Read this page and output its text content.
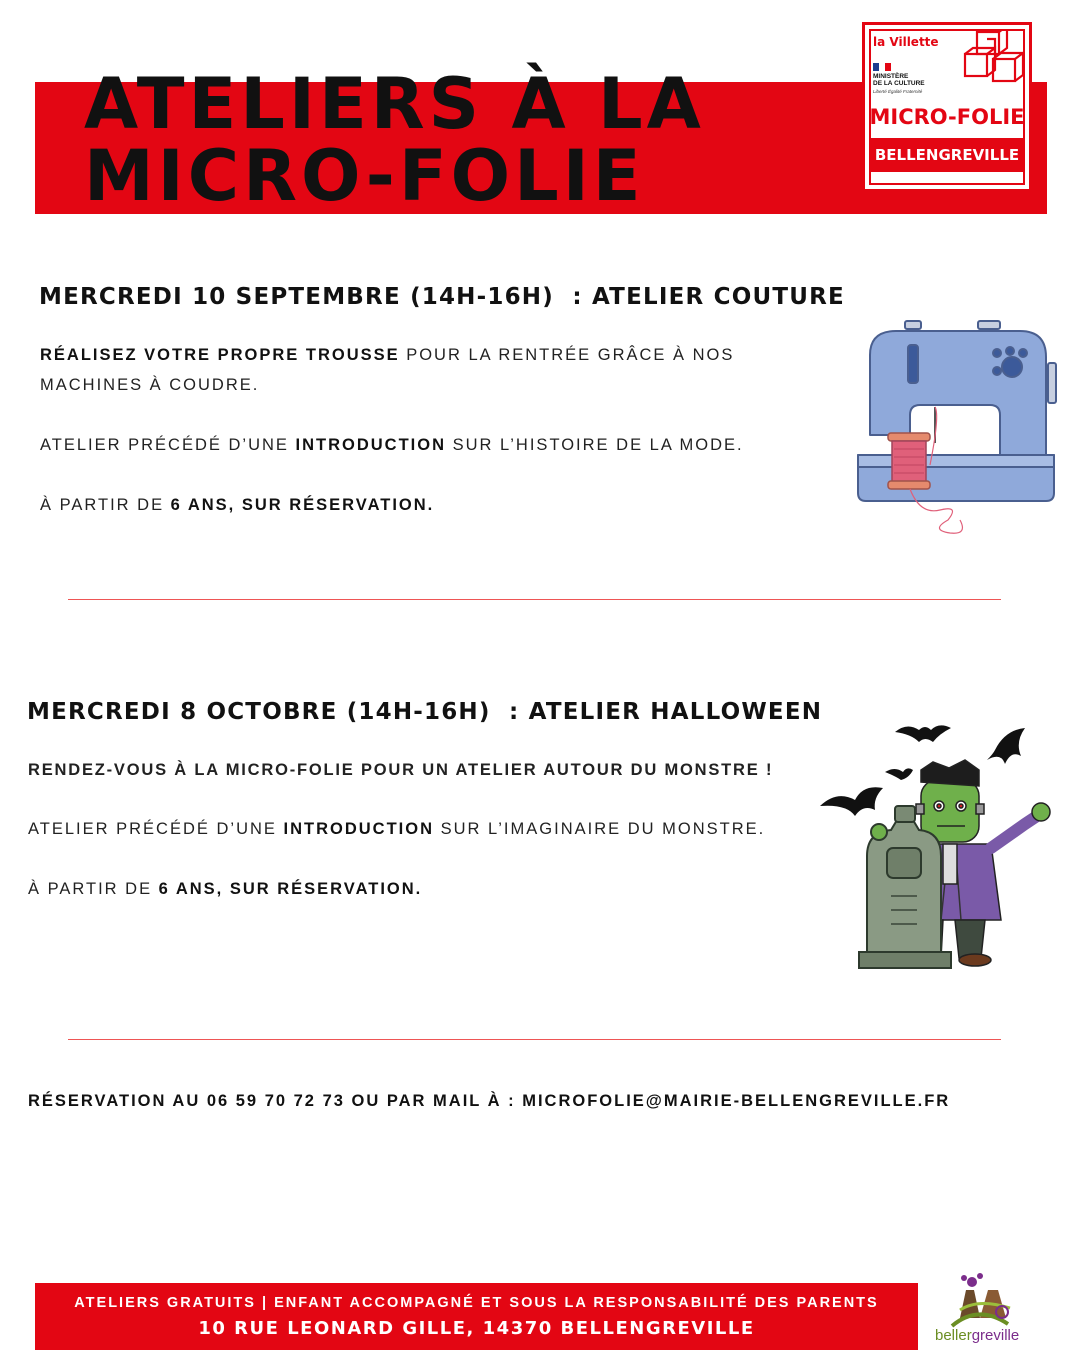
ATELIERS À LA
MICRO-FOLIE
la Villette
MINISTÈRE
DE LA CULTURE
Liberté Égalité Fraternité
MICRO-FOLIE
BELLENGREVILLE
MERCREDI 10 SEPTEMBRE (14H-16H)  : ATELIER COUTURE

RÉALISEZ VOTRE PROPRE TROUSSE POUR LA RENTRÉE GRÂCE À NOS MACHINES À COUDRE.

ATELIER PRÉCÉDÉ D’UNE INTRODUCTION SUR L’HISTOIRE DE LA MODE.

À PARTIR DE 6 ANS, SUR RÉSERVATION.

MERCREDI 8 OCTOBRE (14H-16H)  : ATELIER HALLOWEEN

RENDEZ-VOUS À LA MICRO-FOLIE POUR UN ATELIER AUTOUR DU MONSTRE !

ATELIER PRÉCÉDÉ D’UNE INTRODUCTION SUR L’IMAGINAIRE DU MONSTRE.

À PARTIR DE 6 ANS, SUR RÉSERVATION.

RÉSERVATION AU 06 59 70 72 73 OU PAR MAIL À : MICROFOLIE@MAIRIE-BELLENGREVILLE.FR

ATELIERS GRATUITS | ENFANT ACCOMPAGNÉ ET SOUS LA RESPONSABILITÉ DES PARENTS
10 RUE LEONARD GILLE, 14370 BELLENGREVILLE	bellergreville
